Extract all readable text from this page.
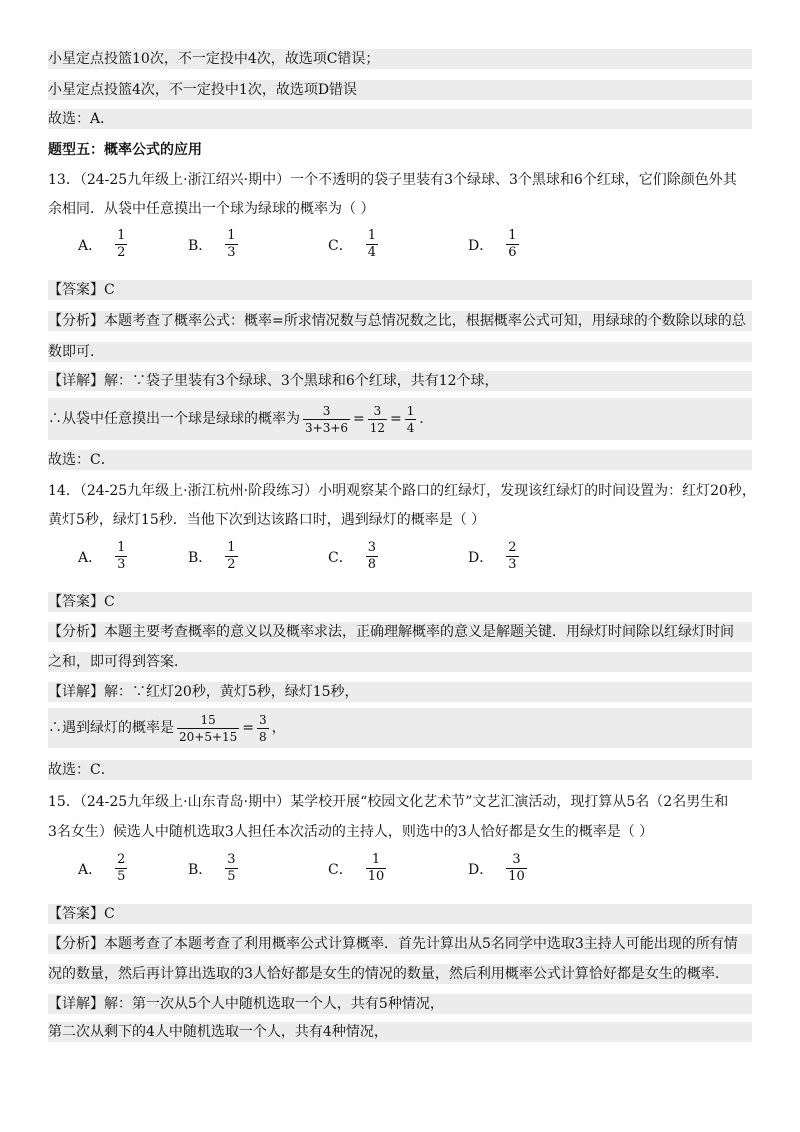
小星定点投篮10次，不一定投中4次，故选项C错误；
小星定点投篮4次，不一定投中1次，故选项D错误
故选：A．
题型五：概率公式的应用
13．（24-25九年级上·浙江绍兴·期中）一个不透明的袋子里装有3个绿球、3个黑球和6个红球，它们除颜色外其
余相同．从袋中任意摸出一个球为绿球的概率为（ ）
A． $\frac{1}{2}$	B． $\frac{1}{3}$	C． $\frac{1}{4}$	D． $\frac{1}{6}$
【答案】C
【分析】本题考查了概率公式：概率=所求情况数与总情况数之比，根据概率公式可知，用绿球的个数除以球的总
数即可．
【详解】解：∵袋子里装有3个绿球、3个黑球和6个红球，共有12个球，
∴从袋中任意摸出一个球是绿球的概率为 $\frac{3}{3+3+6} = \frac{3}{12} = \frac{1}{4}$ ．
故选：C．
14．（24-25九年级上·浙江杭州·阶段练习）小明观察某个路口的红绿灯，发现该红绿灯的时间设置为：红灯20秒，
黄灯5秒，绿灯15秒．当他下次到达该路口时，遇到绿灯的概率是（ ）
A． $\frac{1}{3}$	B． $\frac{1}{2}$	C． $\frac{3}{8}$	D． $\frac{2}{3}$
【答案】C
【分析】本题主要考查概率的意义以及概率求法，正确理解概率的意义是解题关键．用绿灯时间除以红绿灯时间
之和，即可得到答案．
【详解】解：∵红灯20秒，黄灯5秒，绿灯15秒，
∴遇到绿灯的概率是 $\frac{15}{20+5+15} = \frac{3}{8}$ ，
故选：C．
15．（24-25九年级上·山东青岛·期中）某学校开展“校园文化艺术节”文艺汇演活动，现打算从5名（2名男生和
3名女生）候选人中随机选取3人担任本次活动的主持人，则选中的3人恰好都是女生的概率是（ ）
A． $\frac{2}{5}$	B． $\frac{3}{5}$	C． $\frac{1}{10}$	D． $\frac{3}{10}$
【答案】C
【分析】本题考查了本题考查了利用概率公式计算概率．首先计算出从5名同学中选取3主持人可能出现的所有情
况的数量，然后再计算出选取的3人恰好都是女生的情况的数量，然后利用概率公式计算恰好都是女生的概率．
【详解】解：第一次从5个人中随机选取一个人，共有5种情况，
第二次从剩下的4人中随机选取一个人，共有4种情况，
